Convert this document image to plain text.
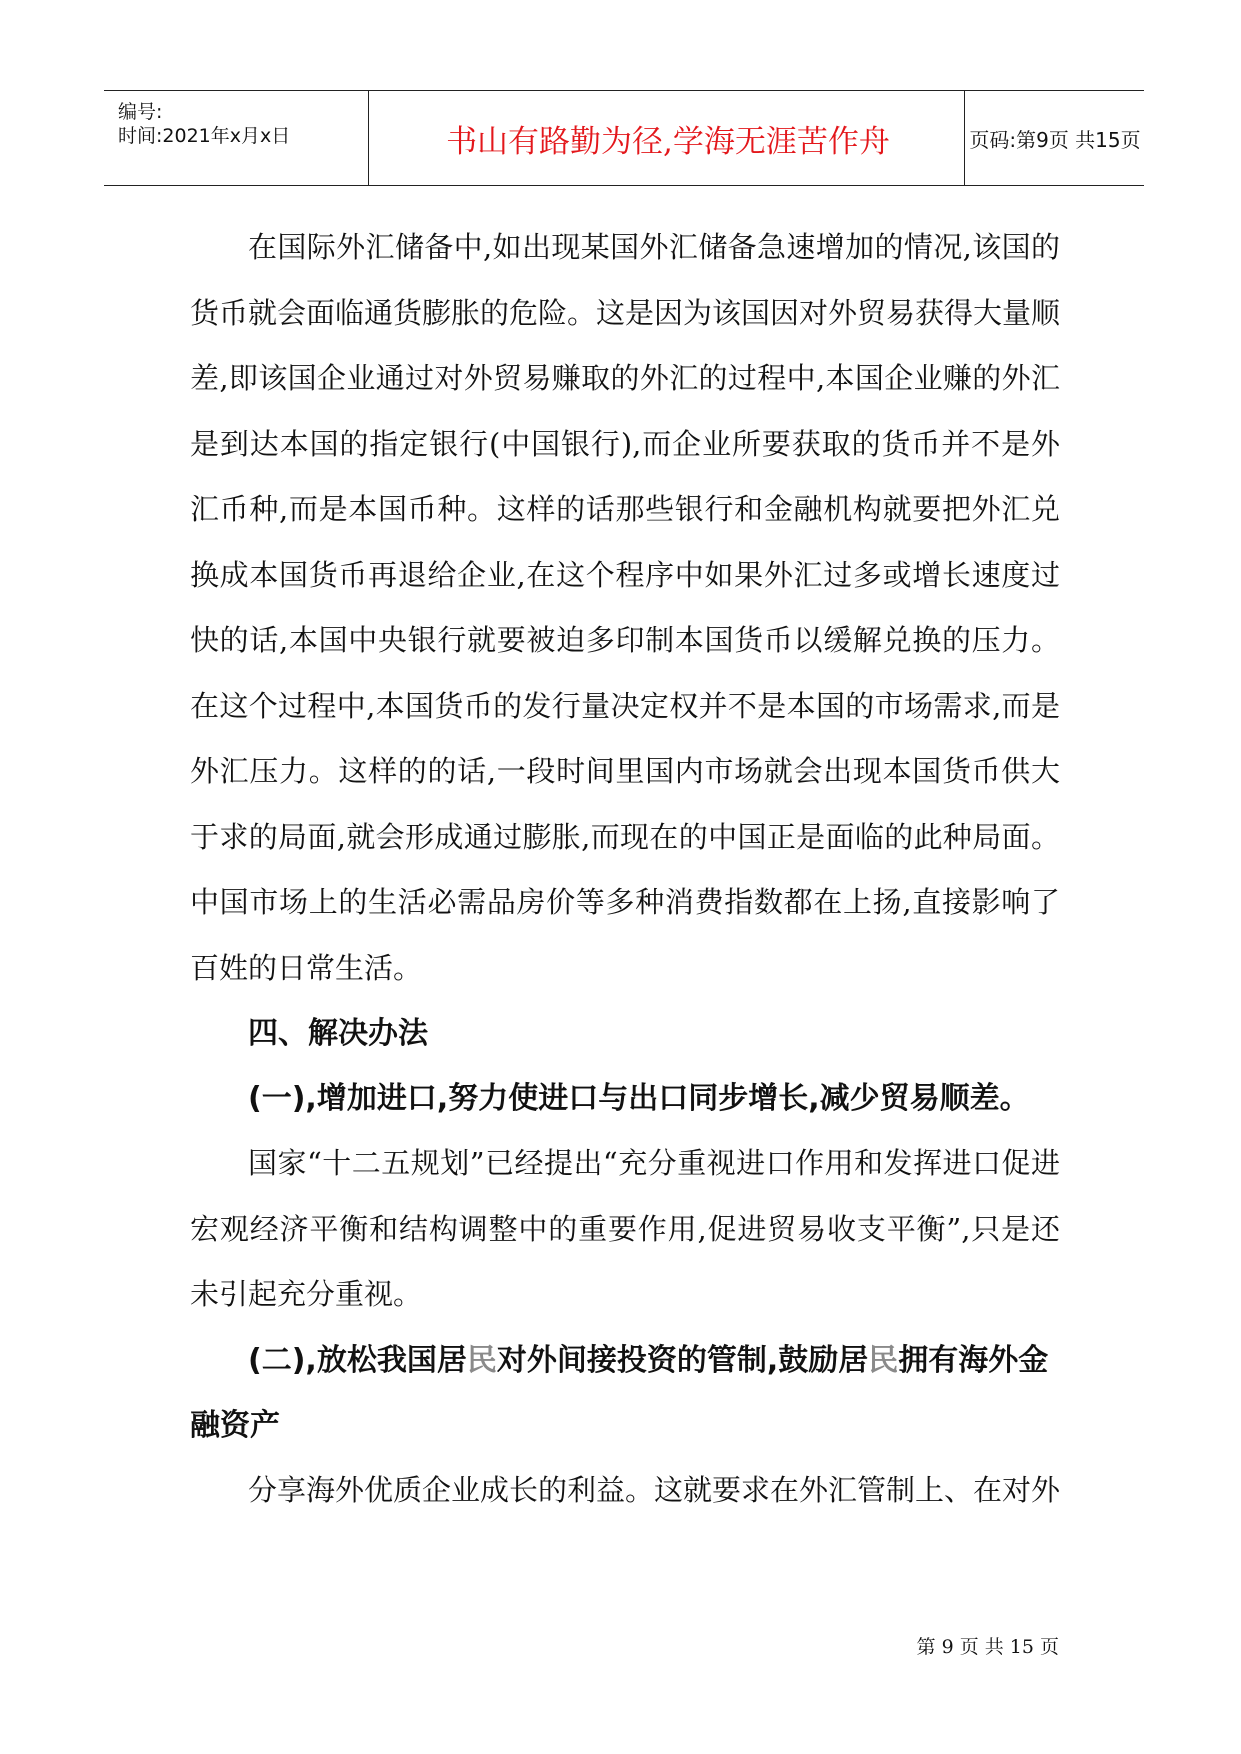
编号:
时间:2021年x月x日	书山有路勤为径,学海无涯苦作舟	页码:第9页 共15页

在国际外汇储备中,如出现某国外汇储备急速增加的情况,该国的货币就会面临通货膨胀的危险。这是因为该国因对外贸易获得大量顺差,即该国企业通过对外贸易赚取的外汇的过程中,本国企业赚的外汇是到达本国的指定银行(中国银行),而企业所要获取的货币并不是外汇币种,而是本国币种。这样的话那些银行和金融机构就要把外汇兑换成本国货币再退给企业,在这个程序中如果外汇过多或增长速度过快的话,本国中央银行就要被迫多印制本国货币以缓解兑换的压力。在这个过程中,本国货币的发行量决定权并不是本国的市场需求,而是外汇压力。这样的的话,一段时间里国内市场就会出现本国货币供大于求的局面,就会形成通过膨胀,而现在的中国正是面临的此种局面。中国市场上的生活必需品房价等多种消费指数都在上扬,直接影响了百姓的日常生活。

四、解决办法

(一),增加进口,努力使进口与出口同步增长,减少贸易顺差。

国家“十二五规划”已经提出“充分重视进口作用和发挥进口促进宏观经济平衡和结构调整中的重要作用,促进贸易收支平衡”,只是还未引起充分重视。

(二),放松我国居民对外间接投资的管制,鼓励居民拥有海外金融资产

分享海外优质企业成长的利益。这就要求在外汇管制上、在对外

第 9 页 共 15 页
